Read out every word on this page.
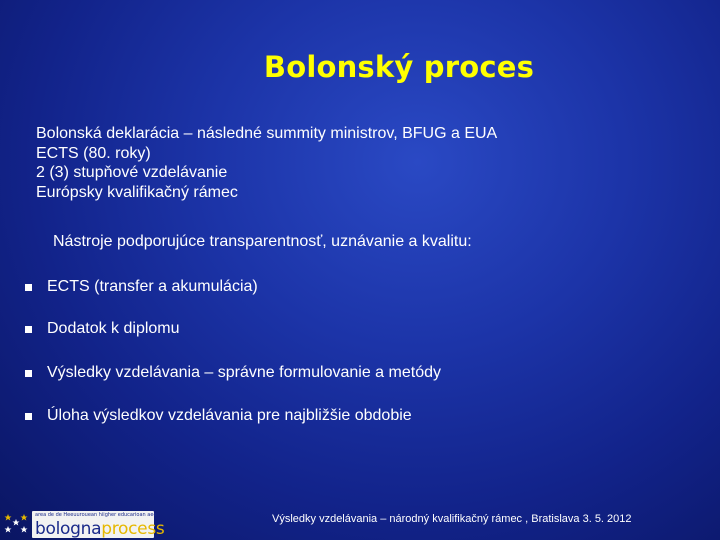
Bolonský proces
Bolonská deklarácia – následné summity ministrov, BFUG a EUA
ECTS (80. roky)
2 (3) stupňové vzdelávanie
Európsky kvalifikačný rámec
Nástroje podporujúce transparentnosť, uznávanie a kvalitu:
ECTS (transfer a akumulácia)
Dodatok k diplomu
Výsledky vzdelávania – správne formulovanie a metódy
Úloha výsledkov vzdelávania pre najbližšie obdobie
area de de Heeuurouean hiigher educarioan aee
bolognaprocess	Výsledky vzdelávania – národný kvalifikačný rámec , Bratislava 3. 5. 2012
